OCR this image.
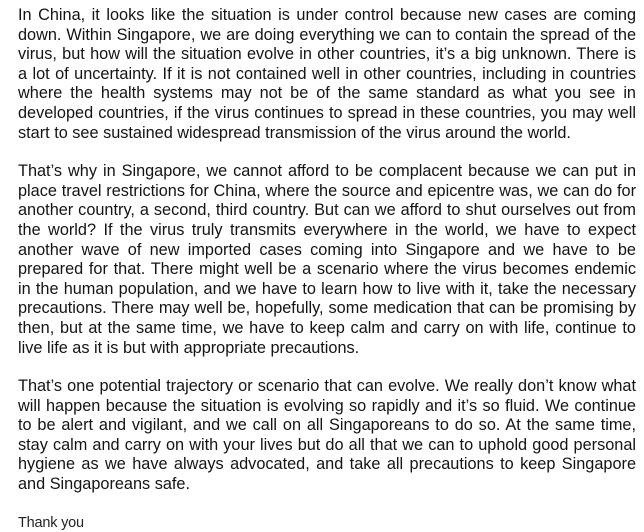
In China, it looks like the situation is under control because new cases are coming down. Within Singapore, we are doing everything we can to contain the spread of the virus, but how will the situation evolve in other countries, it’s a big unknown. There is a lot of uncertainty. If it is not contained well in other countries, including in countries where the health systems may not be of the same standard as what you see in developed countries, if the virus continues to spread in these countries, you may well start to see sustained widespread transmission of the virus around the world.

That’s why in Singapore, we cannot afford to be complacent because we can put in place travel restrictions for China, where the source and epicentre was, we can do for another country, a second, third country. But can we afford to shut ourselves out from the world? If the virus truly transmits everywhere in the world, we have to expect another wave of new imported cases coming into Singapore and we have to be prepared for that. There might well be a scenario where the virus becomes endemic in the human population, and we have to learn how to live with it, take the necessary precautions. There may well be, hopefully, some medication that can be promising by then, but at the same time, we have to keep calm and carry on with life, continue to live life as it is but with appropriate precautions.

That’s one potential trajectory or scenario that can evolve. We really don’t know what will happen because the situation is evolving so rapidly and it’s so fluid. We continue to be alert and vigilant, and we call on all Singaporeans to do so. At the same time, stay calm and carry on with your lives but do all that we can to uphold good personal hygiene as we have always advocated, and take all precautions to keep Singapore and Singaporeans safe.

Thank you
